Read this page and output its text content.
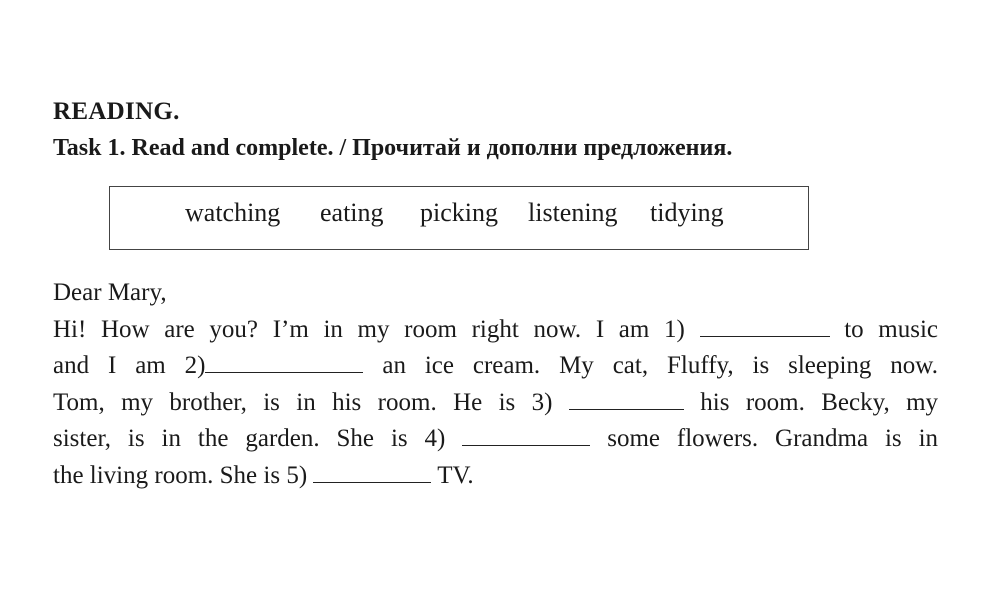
READING.
Task 1. Read and complete. / Прочитай и дополни предложения.
watching eating picking listening tidying
Dear Mary,
Hi! How are you? I’m in my room right now. I am 1)	to music
and I am 2)	an ice cream. My cat, Fluffy, is sleeping now.
Tom, my brother, is in his room. He is 3)	his room. Becky, my
sister, is in the garden. She is 4)	some flowers. Grandma is in
the living room. She is 5)	TV.
